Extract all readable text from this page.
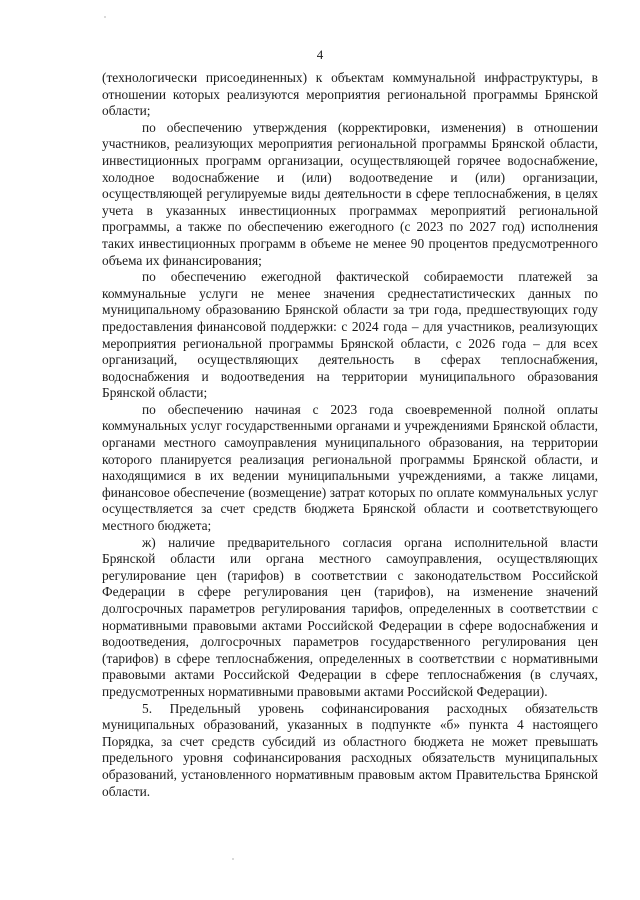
4

(технологически присоединенных) к объектам коммунальной инфраструктуры, в отношении которых реализуются мероприятия региональной программы Брянской области;

по обеспечению утверждения (корректировки, изменения) в отношении участников, реализующих мероприятия региональной программы Брянской области, инвестиционных программ организации, осуществляющей горячее водоснабжение, холодное водоснабжение и (или) водоотведение и (или) организации, осуществляющей регулируемые виды деятельности в сфере теплоснабжения, в целях учета в указанных инвестиционных программах мероприятий региональной программы, а также по обеспечению ежегодного (с 2023 по 2027 год) исполнения таких инвестиционных программ в объеме не менее 90 процентов предусмотренного объема их финансирования;

по обеспечению ежегодной фактической собираемости платежей за коммунальные услуги не менее значения среднестатистических данных по муниципальному образованию Брянской области за три года, предшествующих году предоставления финансовой поддержки: с 2024 года – для участников, реализующих мероприятия региональной программы Брянской области, с 2026 года – для всех организаций, осуществляющих деятельность в сферах теплоснабжения, водоснабжения и водоотведения на территории муниципального образования Брянской области;

по обеспечению начиная с 2023 года своевременной полной оплаты коммунальных услуг государственными органами и учреждениями Брянской области, органами местного самоуправления муниципального образования, на территории которого планируется реализация региональной программы Брянской области, и находящимися в их ведении муниципальными учреждениями, а также лицами, финансовое обеспечение (возмещение) затрат которых по оплате коммунальных услуг осуществляется за счет средств бюджета Брянской области и соответствующего местного бюджета;

ж) наличие предварительного согласия органа исполнительной власти Брянской области или органа местного самоуправления, осуществляющих регулирование цен (тарифов) в соответствии с законодательством Российской Федерации в сфере регулирования цен (тарифов), на изменение значений долгосрочных параметров регулирования тарифов, определенных в соответствии с нормативными правовыми актами Российской Федерации в сфере водоснабжения и водоотведения, долгосрочных параметров государственного регулирования цен (тарифов) в сфере теплоснабжения, определенных в соответствии с нормативными правовыми актами Российской Федерации в сфере теплоснабжения (в случаях, предусмотренных нормативными правовыми актами Российской Федерации).

5. Предельный уровень софинансирования расходных обязательств муниципальных образований, указанных в подпункте «б» пункта 4 настоящего Порядка, за счет средств субсидий из областного бюджета не может превышать предельного уровня софинансирования расходных обязательств муниципальных образований, установленного нормативным правовым актом Правительства Брянской области.
